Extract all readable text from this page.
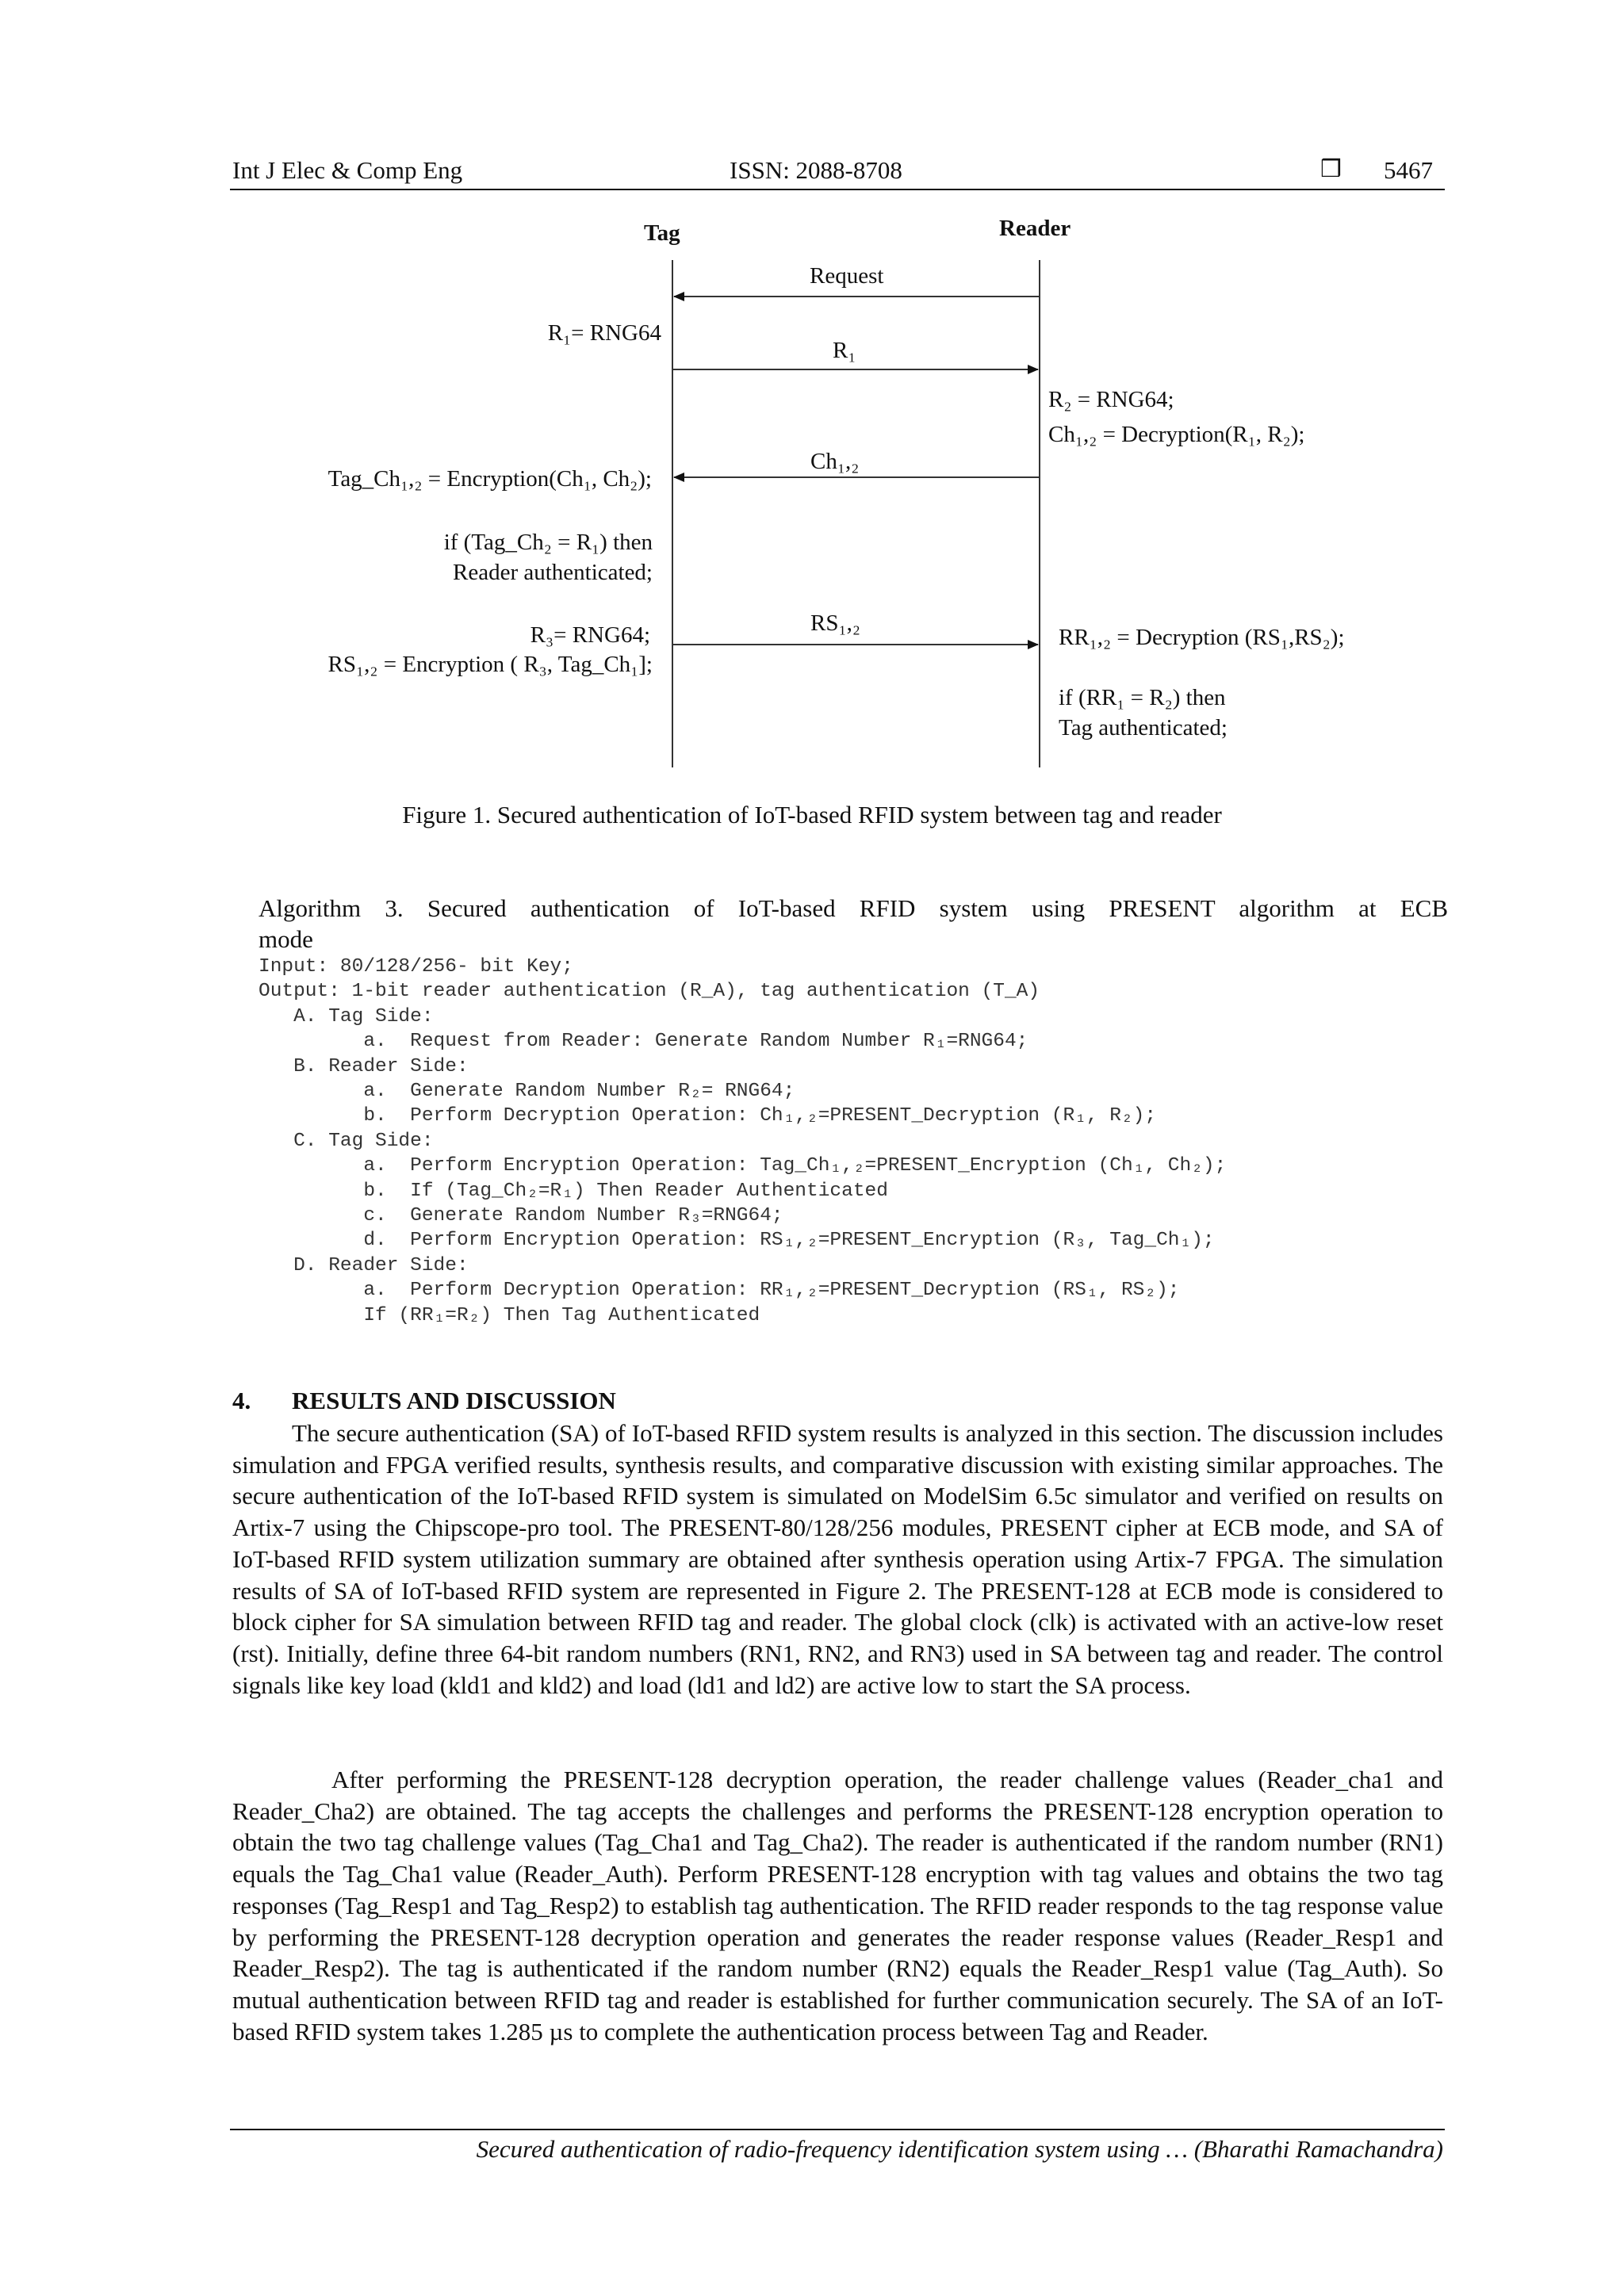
Int J Elec & Comp Eng	ISSN: 2088-8708	❒ 5467
Tag	Reader
Request
R₁
Ch₁,₂
RS₁,₂
R₁= RNG64
R₂ = RNG64;
Ch₁,₂ = Decryption(R₁, R₂);
Tag_Ch₁,₂ = Encryption(Ch₁, Ch₂);
if (Tag_Ch₂ = R₁) then
Reader authenticated;
R₃= RNG64;
RS₁,₂ = Encryption ( R₃, Tag_Ch₁];
RR₁,₂ = Decryption (RS₁,RS₂);
if (RR₁ = R₂) then
Tag authenticated;
Figure 1. Secured authentication of IoT-based RFID system between tag and reader
Algorithm 3. Secured authentication of IoT-based RFID system using PRESENT algorithm at ECB
mode
Input: 80/128/256- bit Key;
Output: 1-bit reader authentication (R_A), tag authentication (T_A)
A. Tag Side:
a.  Request from Reader: Generate Random Number R₁=RNG64;
B. Reader Side:
a.  Generate Random Number R₂= RNG64;
b.  Perform Decryption Operation: Ch₁,₂=PRESENT_Decryption (R₁, R₂);
C. Tag Side:
a.  Perform Encryption Operation: Tag_Ch₁,₂=PRESENT_Encryption (Ch₁, Ch₂);
b.  If (Tag_Ch₂=R₁) Then Reader Authenticated
c.  Generate Random Number R₃=RNG64;
d.  Perform Encryption Operation: RS₁,₂=PRESENT_Encryption (R₃, Tag_Ch₁);
D. Reader Side:
a.  Perform Decryption Operation: RR₁,₂=PRESENT_Decryption (RS₁, RS₂);
If (RR₁=R₂) Then Tag Authenticated
4. RESULTS AND DISCUSSION

The secure authentication (SA) of IoT-based RFID system results is analyzed in this section. The discussion includes simulation and FPGA verified results, synthesis results, and comparative discussion with existing similar approaches. The secure authentication of the IoT-based RFID system is simulated on ModelSim 6.5c simulator and verified on results on Artix-7 using the Chipscope-pro tool. The PRESENT-80/128/256 modules, PRESENT cipher at ECB mode, and SA of IoT-based RFID system utilization summary are obtained after synthesis operation using Artix-7 FPGA. The simulation results of SA of IoT-based RFID system are represented in Figure 2. The PRESENT-128 at ECB mode is considered to block cipher for SA simulation between RFID tag and reader. The global clock (clk) is activated with an active-low reset (rst). Initially, define three 64-bit random numbers (RN1, RN2, and RN3) used in SA between tag and reader. The control signals like key load (kld1 and kld2) and load (ld1 and ld2) are active low to start the SA process.

After performing the PRESENT-128 decryption operation, the reader challenge values (Reader_cha1 and Reader_Cha2) are obtained. The tag accepts the challenges and performs the PRESENT-128 encryption operation to obtain the two tag challenge values (Tag_Cha1 and Tag_Cha2). The reader is authenticated if the random number (RN1) equals the Tag_Cha1 value (Reader_Auth). Perform PRESENT-128 encryption with tag values and obtains the two tag responses (Tag_Resp1 and Tag_Resp2) to establish tag authentication. The RFID reader responds to the tag response value by performing the PRESENT-128 decryption operation and generates the reader response values (Reader_Resp1 and Reader_Resp2). The tag is authenticated if the random number (RN2) equals the Reader_Resp1 value (Tag_Auth). So mutual authentication between RFID tag and reader is established for further communication securely. The SA of an IoT-based RFID system takes 1.285 µs to complete the authentication process between Tag and Reader.

Secured authentication of radio-frequency identification system using … (Bharathi Ramachandra)
